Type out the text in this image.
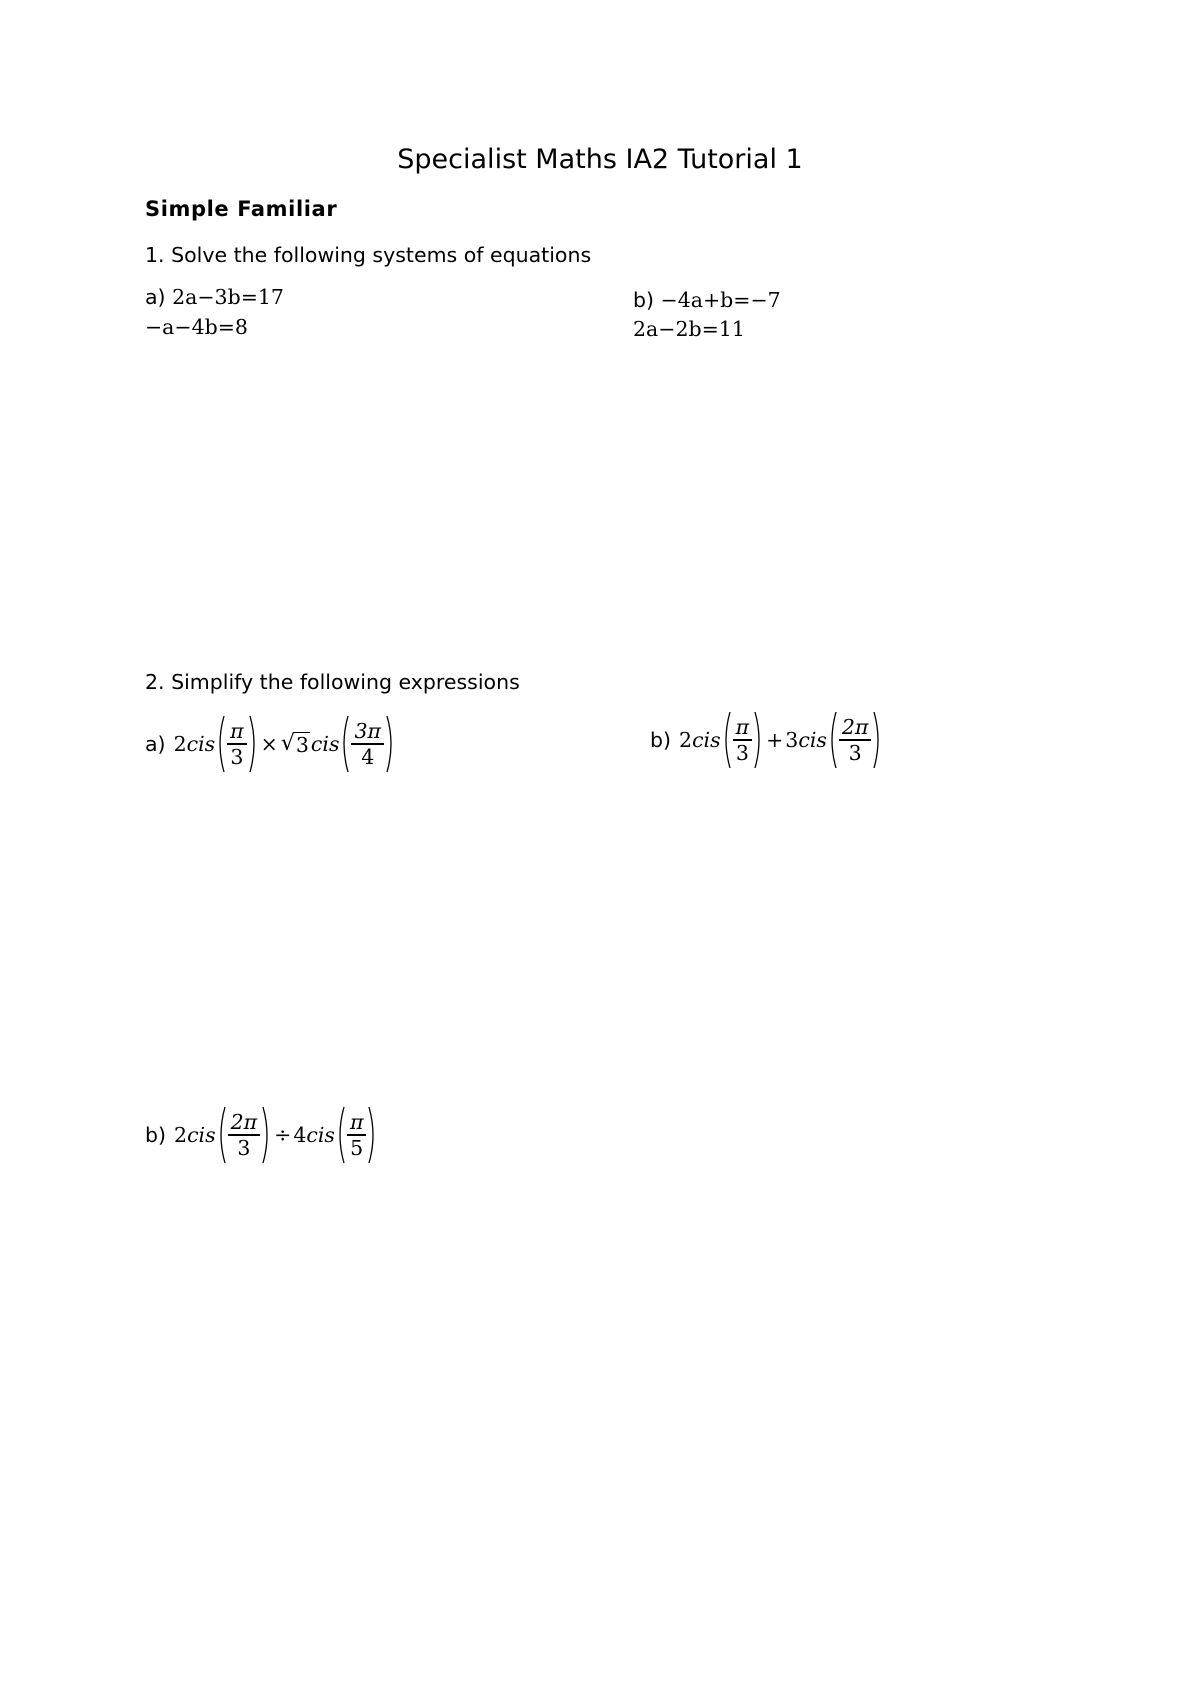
Specialist Maths IA2 Tutorial 1
Simple Familiar
1. Solve the following systems of equations
a) 2a−3b=17
−a−4b=8
b) −4a+b=−7
2a−2b=11
2. Simplify the following expressions
a) 2 cis $\frac{\pi}{3}$ × √ 3 cis $\frac{3\pi}{4}$	b) 2 cis $\frac{\pi}{3} + 3$ cis $\frac{2\pi}{3}$
b) 2 cis $\frac{2\pi}{3} \div 4$ cis $\frac{\pi}{5}$
